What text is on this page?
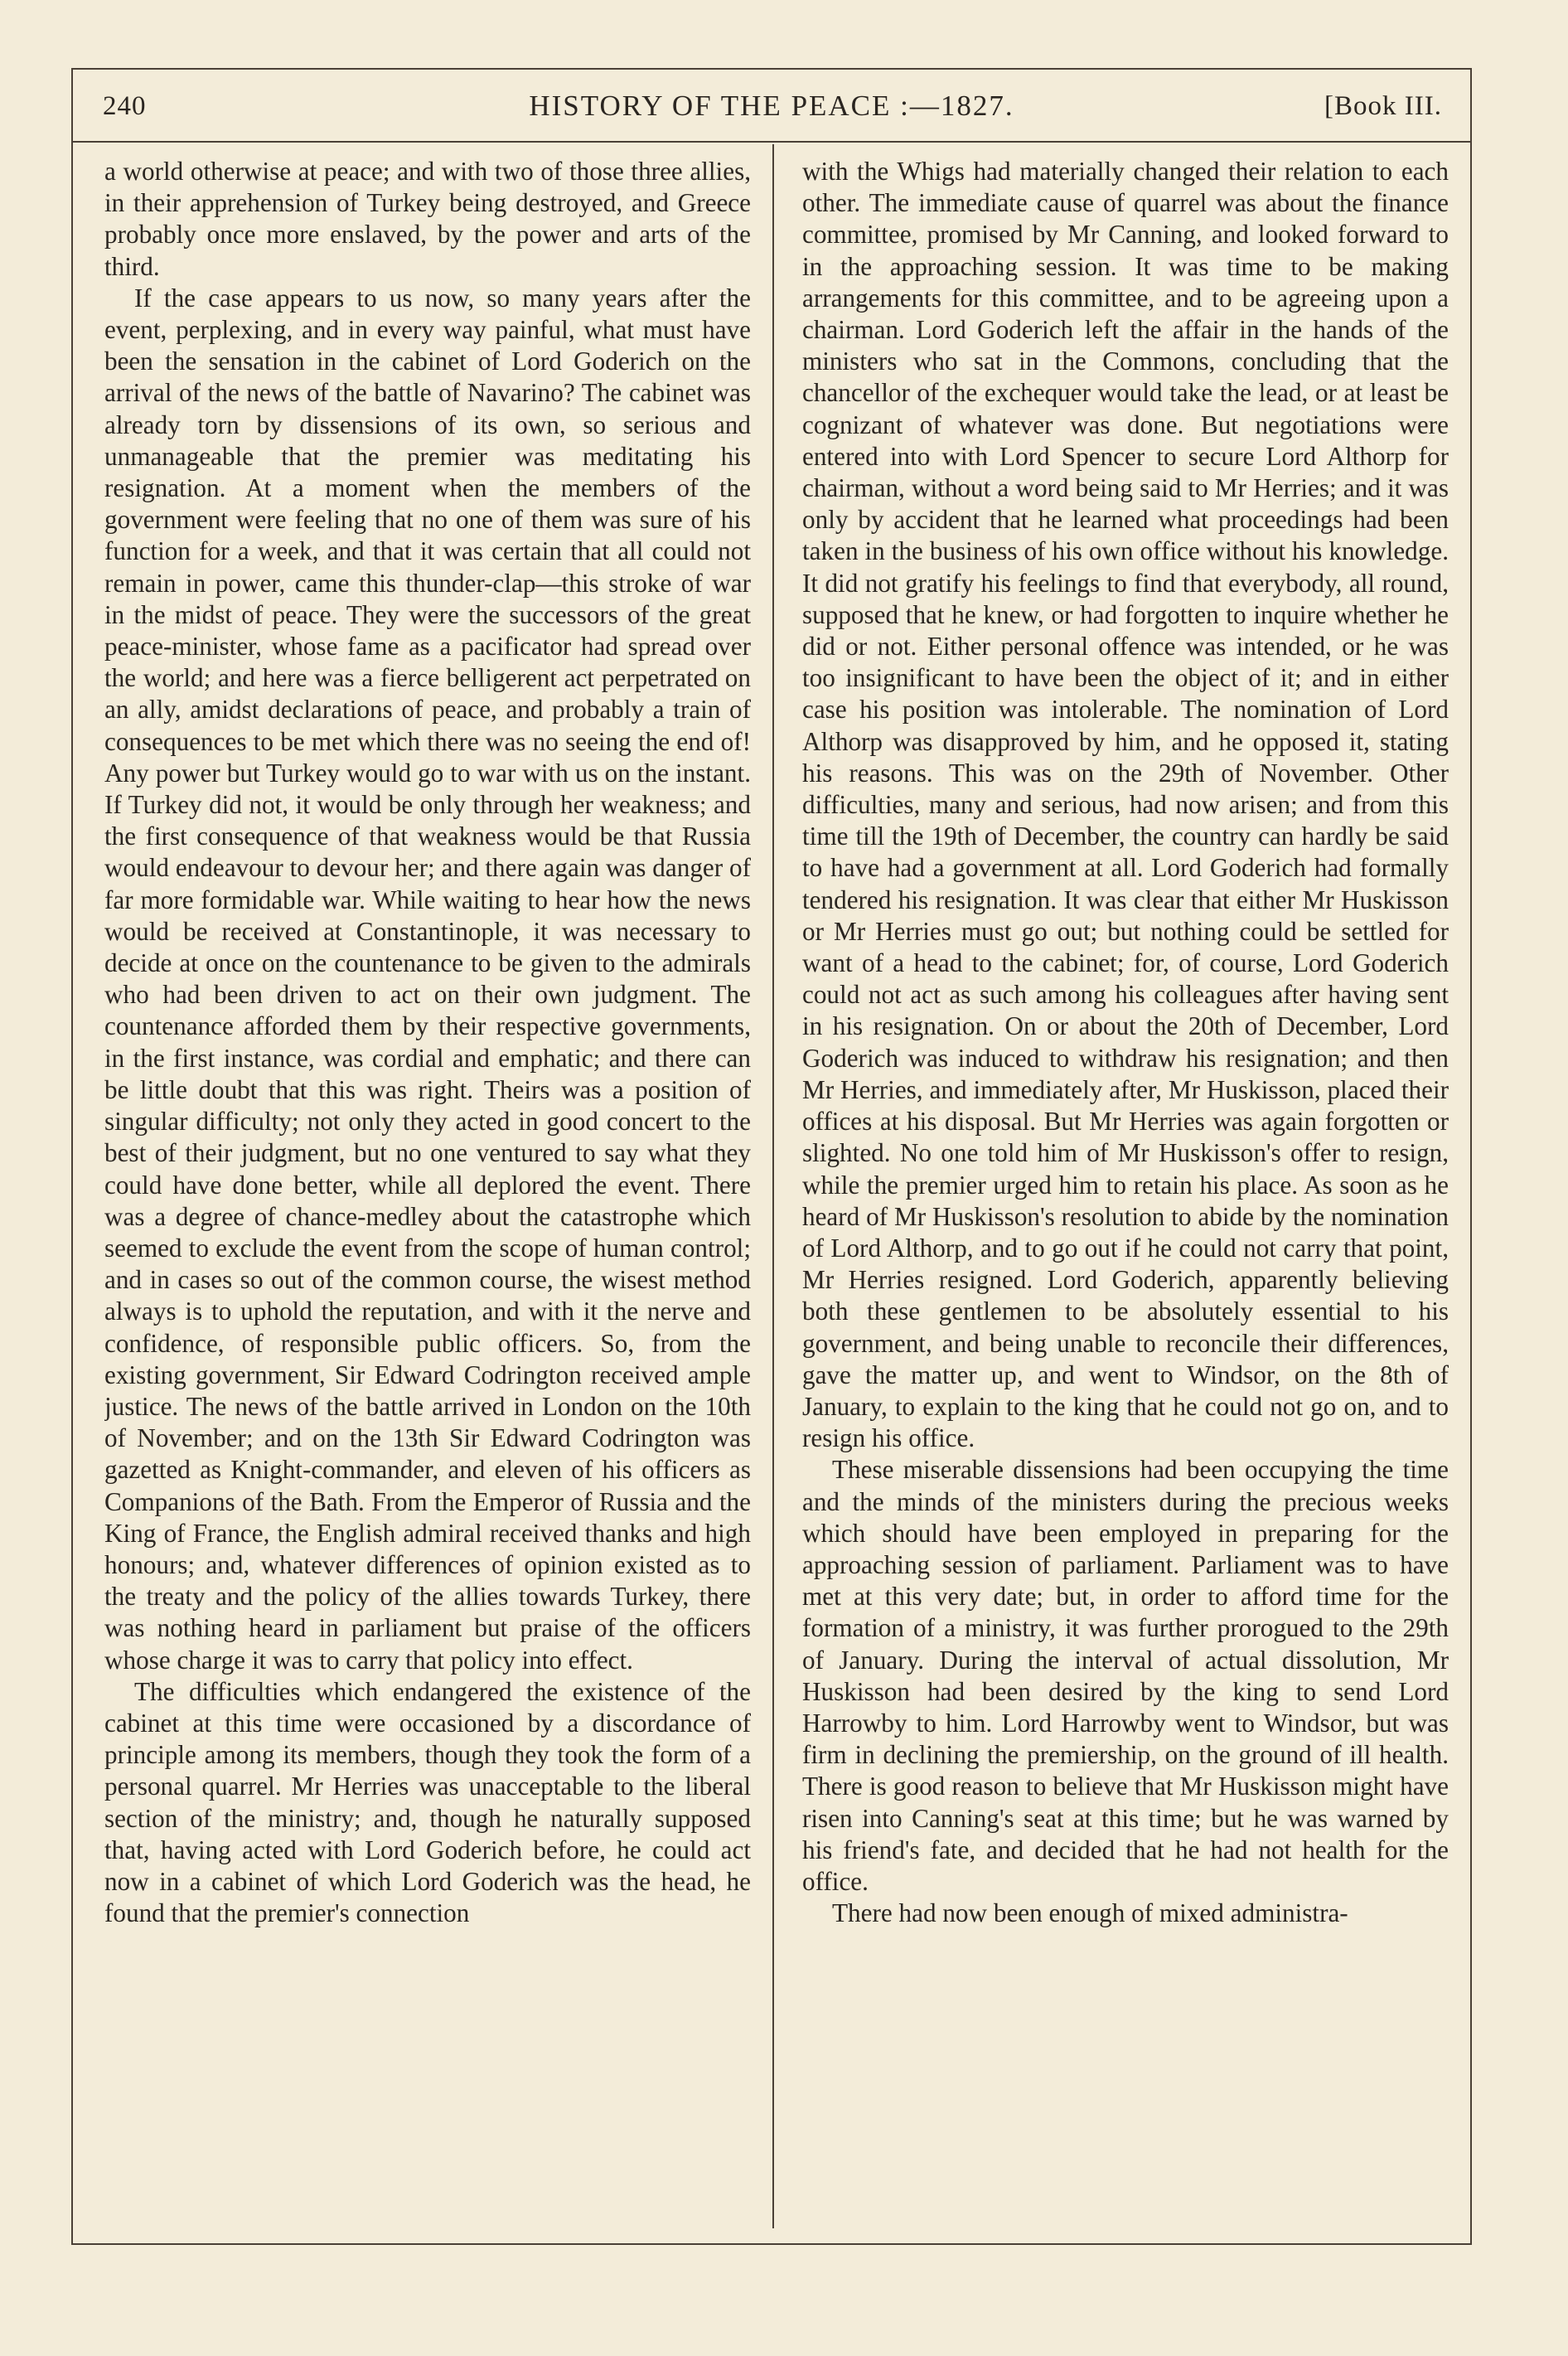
240	HISTORY OF THE PEACE :—1827.	[Book III.

a world otherwise at peace; and with two of those three allies, in their apprehension of Turkey being destroyed, and Greece probably once more enslaved, by the power and arts of the third.

If the case appears to us now, so many years after the event, perplexing, and in every way painful, what must have been the sensation in the cabinet of Lord Goderich on the arrival of the news of the battle of Navarino? The cabinet was already torn by dissensions of its own, so serious and unmanageable that the premier was meditating his resignation. At a moment when the members of the government were feeling that no one of them was sure of his function for a week, and that it was certain that all could not remain in power, came this thunder-clap—this stroke of war in the midst of peace. They were the successors of the great peace-minister, whose fame as a pacificator had spread over the world; and here was a fierce belligerent act perpetrated on an ally, amidst declarations of peace, and probably a train of consequences to be met which there was no seeing the end of! Any power but Turkey would go to war with us on the instant. If Turkey did not, it would be only through her weakness; and the first consequence of that weakness would be that Russia would endeavour to devour her; and there again was danger of far more formidable war. While waiting to hear how the news would be received at Constantinople, it was necessary to decide at once on the countenance to be given to the admirals who had been driven to act on their own judgment. The countenance afforded them by their respective governments, in the first instance, was cordial and emphatic; and there can be little doubt that this was right. Theirs was a position of singular difficulty; not only they acted in good concert to the best of their judgment, but no one ventured to say what they could have done better, while all deplored the event. There was a degree of chance-medley about the catastrophe which seemed to exclude the event from the scope of human control; and in cases so out of the common course, the wisest method always is to uphold the reputation, and with it the nerve and confidence, of responsible public officers. So, from the existing government, Sir Edward Codrington received ample justice. The news of the battle arrived in London on the 10th of November; and on the 13th Sir Edward Codrington was gazetted as Knight-commander, and eleven of his officers as Companions of the Bath. From the Emperor of Russia and the King of France, the English admiral received thanks and high honours; and, whatever differences of opinion existed as to the treaty and the policy of the allies towards Turkey, there was nothing heard in parliament but praise of the officers whose charge it was to carry that policy into effect.

The difficulties which endangered the existence of the cabinet at this time were occasioned by a discordance of principle among its members, though they took the form of a personal quarrel. Mr Herries was unacceptable to the liberal section of the ministry; and, though he naturally supposed that, having acted with Lord Goderich before, he could act now in a cabinet of which Lord Goderich was the head, he found that the premier's connection

with the Whigs had materially changed their relation to each other. The immediate cause of quarrel was about the finance committee, promised by Mr Canning, and looked forward to in the approaching session. It was time to be making arrangements for this committee, and to be agreeing upon a chairman. Lord Goderich left the affair in the hands of the ministers who sat in the Commons, concluding that the chancellor of the exchequer would take the lead, or at least be cognizant of whatever was done. But negotiations were entered into with Lord Spencer to secure Lord Althorp for chairman, without a word being said to Mr Herries; and it was only by accident that he learned what proceedings had been taken in the business of his own office without his knowledge. It did not gratify his feelings to find that everybody, all round, supposed that he knew, or had forgotten to inquire whether he did or not. Either personal offence was intended, or he was too insignificant to have been the object of it; and in either case his position was intolerable. The nomination of Lord Althorp was disapproved by him, and he opposed it, stating his reasons. This was on the 29th of November. Other difficulties, many and serious, had now arisen; and from this time till the 19th of December, the country can hardly be said to have had a government at all. Lord Goderich had formally tendered his resignation. It was clear that either Mr Huskisson or Mr Herries must go out; but nothing could be settled for want of a head to the cabinet; for, of course, Lord Goderich could not act as such among his colleagues after having sent in his resignation. On or about the 20th of December, Lord Goderich was induced to withdraw his resignation; and then Mr Herries, and immediately after, Mr Huskisson, placed their offices at his disposal. But Mr Herries was again forgotten or slighted. No one told him of Mr Huskisson's offer to resign, while the premier urged him to retain his place. As soon as he heard of Mr Huskisson's resolution to abide by the nomination of Lord Althorp, and to go out if he could not carry that point, Mr Herries resigned. Lord Goderich, apparently believing both these gentlemen to be absolutely essential to his government, and being unable to reconcile their differences, gave the matter up, and went to Windsor, on the 8th of January, to explain to the king that he could not go on, and to resign his office.

These miserable dissensions had been occupying the time and the minds of the ministers during the precious weeks which should have been employed in preparing for the approaching session of parliament. Parliament was to have met at this very date; but, in order to afford time for the formation of a ministry, it was further prorogued to the 29th of January. During the interval of actual dissolution, Mr Huskisson had been desired by the king to send Lord Harrowby to him. Lord Harrowby went to Windsor, but was firm in declining the premiership, on the ground of ill health. There is good reason to believe that Mr Huskisson might have risen into Canning's seat at this time; but he was warned by his friend's fate, and decided that he had not health for the office.

There had now been enough of mixed administra-
